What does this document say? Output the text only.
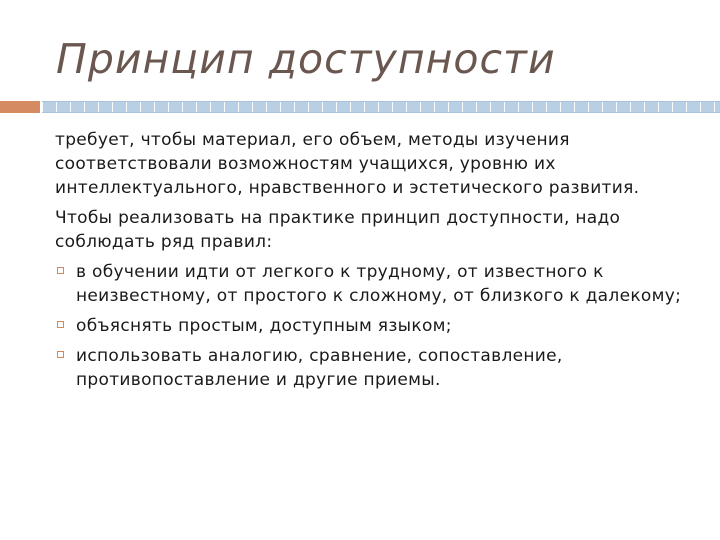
Принцип доступности

требует, чтобы материал, его объем, методы изучения соответствовали возможностям учащихся, уровню их интеллектуального, нравственного и эстетического развития.

Чтобы реализовать на практике принцип доступности, надо соблюдать ряд правил:

в обучении идти от легкого к трудному, от известного к неизвестному, от простого к сложному, от близкого к далекому;
объяснять простым, доступным языком;
использовать аналогию, сравнение, сопоставление, противопоставление и другие приемы.
